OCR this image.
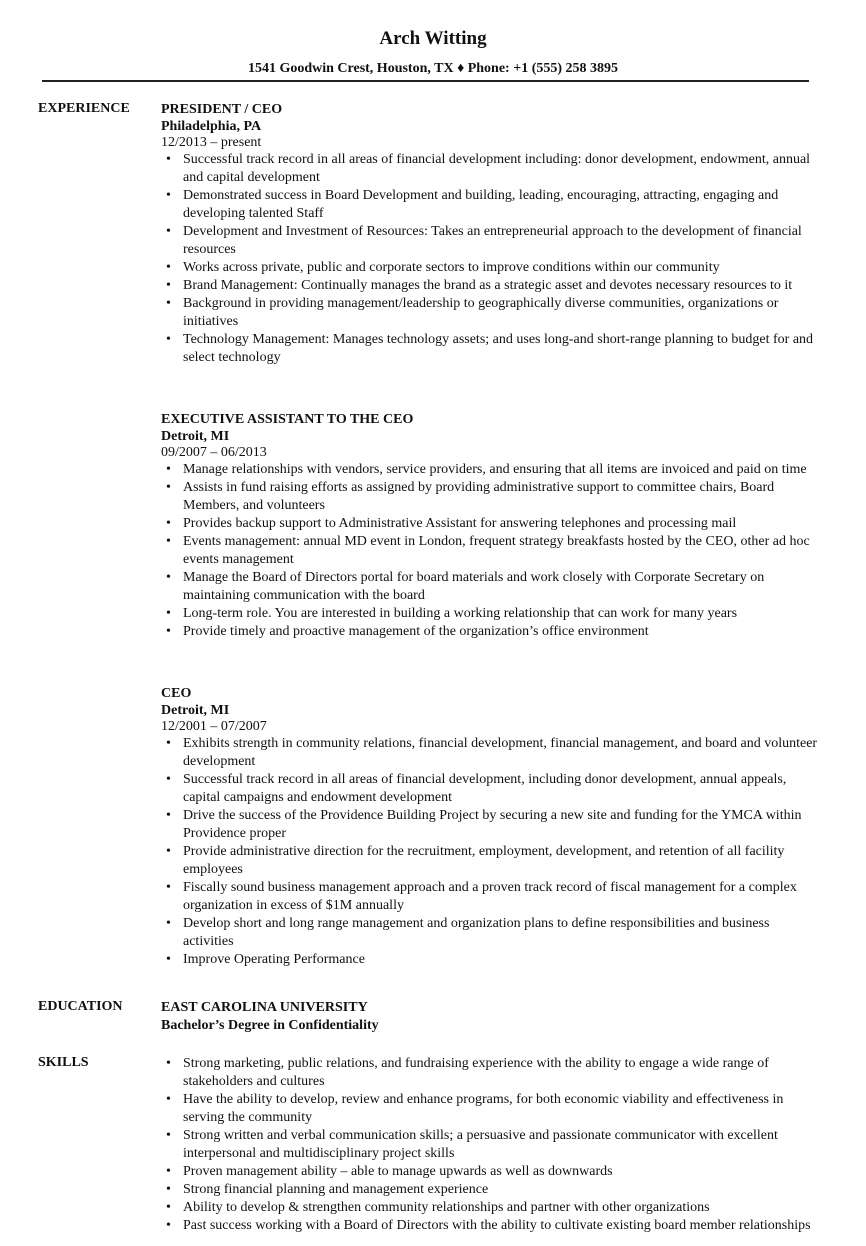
Arch Witting
1541 Goodwin Crest, Houston, TX ♦ Phone: +1 (555) 258 3895
EXPERIENCE PRESIDENT / CEO
Philadelphia, PA
12/2013 – present
• Successful track record in all areas of financial development including: donor development, endowment, annual and capital development
• Demonstrated success in Board Development and building, leading, encouraging, attracting, engaging and developing talented Staff
• Development and Investment of Resources: Takes an entrepreneurial approach to the development of financial resources
• Works across private, public and corporate sectors to improve conditions within our community
• Brand Management: Continually manages the brand as a strategic asset and devotes necessary resources to it
• Background in providing management/leadership to geographically diverse communities, organizations or initiatives
• Technology Management: Manages technology assets; and uses long-and short-range planning to budget for and select technology
EXECUTIVE ASSISTANT TO THE CEO
Detroit, MI
09/2007 – 06/2013
• Manage relationships with vendors, service providers, and ensuring that all items are invoiced and paid on time
• Assists in fund raising efforts as assigned by providing administrative support to committee chairs, Board Members, and volunteers
• Provides backup support to Administrative Assistant for answering telephones and processing mail
• Events management: annual MD event in London, frequent strategy breakfasts hosted by the CEO, other ad hoc events management
• Manage the Board of Directors portal for board materials and work closely with Corporate Secretary on maintaining communication with the board
• Long-term role. You are interested in building a working relationship that can work for many years
• Provide timely and proactive management of the organization’s office environment
CEO
Detroit, MI
12/2001 – 07/2007
• Exhibits strength in community relations, financial development, financial management, and board and volunteer development
• Successful track record in all areas of financial development, including donor development, annual appeals, capital campaigns and endowment development
• Drive the success of the Providence Building Project by securing a new site and funding for the YMCA within Providence proper
• Provide administrative direction for the recruitment, employment, development, and retention of all facility employees
• Fiscally sound business management approach and a proven track record of fiscal management for a complex organization in excess of $1M annually
• Develop short and long range management and organization plans to define responsibilities and business activities
• Improve Operating Performance
EDUCATION	EAST CAROLINA UNIVERSITY
Bachelor’s Degree in Confidentiality
SKILLS
•	Strong marketing, public relations, and fundraising experience with the ability to engage a wide range of stakeholders and cultures
• Have the ability to develop, review and enhance programs, for both economic viability and effectiveness in serving the community
• Strong written and verbal communication skills; a persuasive and passionate communicator with excellent interpersonal and multidisciplinary project skills
• Proven management ability – able to manage upwards as well as downwards
• Strong financial planning and management experience
• Ability to develop & strengthen community relationships and partner with other organizations
• Past success working with a Board of Directors with the ability to cultivate existing board member relationships
